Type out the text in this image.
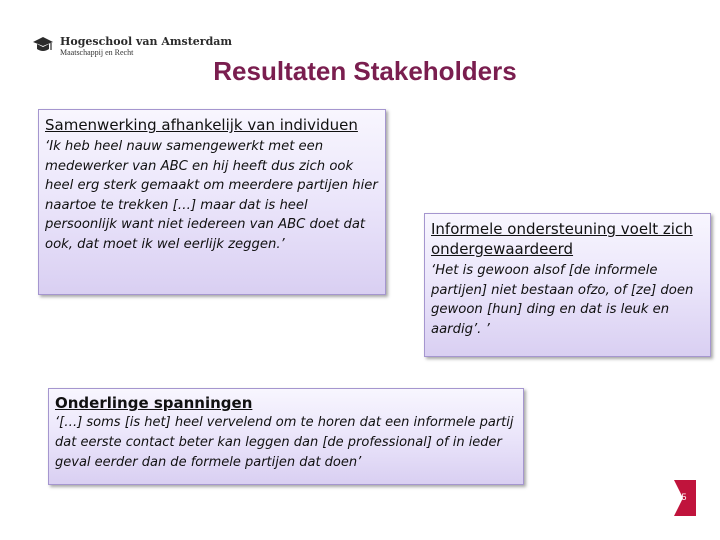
Hogeschool van Amsterdam
Maatschappij en Recht
Resultaten Stakeholders
Samenwerking afhankelijk van individuen
‘Ik heb heel nauw samengewerkt met een medewerker van ABC en hij heeft dus zich ook heel erg sterk gemaakt om meerdere partijen hier naartoe te trekken […] maar dat is heel persoonlijk want niet iedereen van ABC doet dat ook, dat moet ik wel eerlijk zeggen.’
Informele ondersteuning voelt zich ondergewaardeerd
‘Het is gewoon alsof [de informele partijen] niet bestaan ofzo, of [ze] doen gewoon [hun] ding en dat is leuk en aardig’. ’
Onderlinge spanningen
‘[…] soms [is het] heel vervelend om te horen dat een informele partij dat eerste contact beter kan leggen dan [de professional] of in ieder geval eerder dan de formele partijen dat doen’
5
